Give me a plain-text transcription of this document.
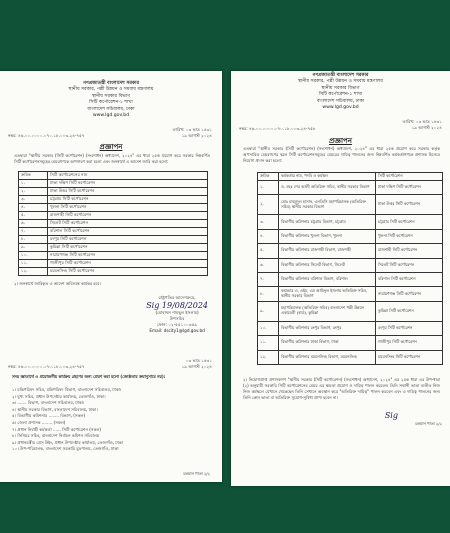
গণপ্রজাতন্ত্রী বাংলাদেশ সরকার
স্থানীয় সরকার, পল্লী উন্নয়ন ও সমবায় মন্ত্রণালয়
স্থানীয় সরকার বিভাগ
সিটি কর্পোরেশন-১ শাখা
বাংলাদেশ সচিবালয়, ঢাকা
www.lgd.gov.bd
নম্বর: ৪৬.০০.০০০০.০৭০.১৮.০০৩.২৪-৭৫৭
তারিখ: ০৩ ভাদ্র ১৪৩১
১৯ আগস্ট ২০২৪
প্রজ্ঞাপন
এতদ্বারা "স্থানীয় সরকার (সিটি কর্পোরেশন) (সংশোধন) অধ্যাদেশ, ২০২৪" এর ধারা ২৫ক প্রয়োগ করে সরকার নিম্নবর্ণিত সিটি কর্পোরেশনসমূহের মেয়রগণকে অপসারণ করা হলো এবং জনস্বার্থে এ আদেশ জারি করা হলো:
ক্রমিক	সিটি কর্পোরেশনের নাম
১.	ঢাকা দক্ষিণ সিটি কর্পোরেশন
২.	ঢাকা উত্তর সিটি কর্পোরেশন
৩.	চট্টগ্রাম সিটি কর্পোরেশন
৪.	খুলনা সিটি কর্পোরেশন
৫.	রাজশাহী সিটি কর্পোরেশন
৬.	সিলেট সিটি কর্পোরেশন
৭.	বরিশাল সিটি কর্পোরেশন
৮.	রংপুর সিটি কর্পোরেশন
৯.	কুমিল্লা সিটি কর্পোরেশন
১০.	নারায়ণগঞ্জ সিটি কর্পোরেশন
১১.	গাজীপুর সিটি কর্পোরেশন
১২.	ময়মনসিংহ সিটি কর্পোরেশন
২। জনস্বার্থে জারিকৃত এ আদেশ অবিলম্বে কার্যকর হবে।
রাষ্ট্রপতির আদেশক্রমে,
Sig 19/08/2024
(মোহাম্মদ শামছুল ইসলাম)
উপসচিব
ফোন: ০২-৫৫১০০৩৫৯
Email: dscity1@lgd.gov.bd
নম্বর: ৪৬.০০.০০০০.০৭০.১৮.০০৩.২৪-৭৫৭
০৩ ভাদ্র ১৪৩১
১৯ আগস্ট ২০২৪
সদয় জ্ঞাতার্থে ও প্রয়োজনীয় কার্যক্রম গ্রহণের জন্য প্রেরণ করা হলো (জ্যেষ্ঠতার ক্রমানুসারে নয়):
১। মন্ত্রিপরিষদ সচিব, মন্ত্রিপরিষদ বিভাগ, বাংলাদেশ সচিবালয়, ঢাকা।
২। মুখ্য সচিব, প্রধান উপদেষ্টার কার্যালয়, তেজগাঁও, ঢাকা।
৩। ....... বিভাগ, বাংলাদেশ সচিবালয়, ঢাকা।
৪। স্থানীয় সরকার বিভাগ, বাংলাদেশ সচিবালয়, ঢাকা।
৫। বিভাগীয় কমিশনার ........ বিভাগ, (সকল)
৬। জেলা প্রশাসক ........ (সকল)
৭। প্রধান নির্বাহী কর্মকর্তা ...... সিটি কর্পোরেশন (সকল)
৮। সিনিয়র সচিব, বাংলাদেশ নির্বাচন কমিশন সচিবালয়
৯। প্রধানমন্ত্রীর প্রেস উইং, প্রধান উপদেষ্টার কার্যালয়, তেজগাঁও, ঢাকা
১০। উপ-পরিচালক, বাংলাদেশ সরকারি মুদ্রণালয়, তেজগাঁও, ঢাকা
চলমান পাতা ২/২
গণপ্রজাতন্ত্রী বাংলাদেশ সরকার
স্থানীয় সরকার, পল্লী উন্নয়ন ও সমবায় মন্ত্রণালয়
স্থানীয় সরকার বিভাগ
সিটি কর্পোরেশন-১ শাখা
বাংলাদেশ সচিবালয়, ঢাকা
www.lgd.gov.bd
নম্বর: ৪৬.০০.০০০০.০৭০.১৮.০০৩.২৪-৭৫৮
তারিখ: ০৩ ভাদ্র ১৪৩১
১৯ আগস্ট ২০২৪
প্রজ্ঞাপন
এতদ্বারা "স্থানীয় সরকার (সিটি কর্পোরেশন) (সংশোধন) অধ্যাদেশ, ২০২৪" এর ধারা ২৫ক প্রয়োগ করে সরকার কর্তৃক অপসারিত মেয়রগণের স্থলে সিটি কর্পোরেশনসমূহের মেয়রের দায়িত্ব পালনের জন্য নিম্নবর্ণিত কর্মকর্তাগণকে প্রশাসক হিসেবে নিয়োগ প্রদান করা হলো:
ক্রমিক	কর্মকর্তার নাম, পদবি ও কর্মস্থল	সিটি কর্পোরেশন
১.	ড. মহঃ শের আলী অতিরিক্ত সচিব, স্থানীয় সরকার বিভাগ	ঢাকা দক্ষিণ সিটি কর্পোরেশন
২.	মোঃ মাহমুদুল হাসান, এনডিসি মহাপরিচালক (অতিরিক্ত সচিব) স্থানীয় সরকার বিভাগ	ঢাকা উত্তর সিটি কর্পোরেশন
৩.	বিভাগীয় কমিশনার চট্টগ্রাম বিভাগ, চট্টগ্রাম	চট্টগ্রাম সিটি কর্পোরেশন
৪.	বিভাগীয় কমিশনার খুলনা বিভাগ, খুলনা	খুলনা সিটি কর্পোরেশন
৫.	বিভাগীয় কমিশনার রাজশাহী বিভাগ, রাজশাহী	রাজশাহী সিটি কর্পোরেশন
৬.	বিভাগীয় কমিশনার সিলেট বিভাগ, সিলেট	সিলেট সিটি কর্পোরেশন
৭.	বিভাগীয় কমিশনার বরিশাল বিভাগ, বরিশাল	বরিশাল সিটি কর্পোরেশন
৮.	কমান্ডার এ, এইচ, এম আমিনুল ইসলাম অতিরিক্ত সচিব, স্থানীয় সরকার বিভাগ	নারায়ণগঞ্জ সিটি কর্পোরেশন
৯.	মহাপরিচালক (অতিরিক্ত সচিব) বাংলাদেশ পল্লী উন্নয়ন একাডেমী (বার্ড), কুমিল্লা	কুমিল্লা সিটি কর্পোরেশন
১০.	বিভাগীয় কমিশনার রংপুর বিভাগ, রংপুর	রংপুর সিটি কর্পোরেশন
১১.	বিভাগীয় কমিশনার ঢাকা বিভাগ, ঢাকা	গাজীপুর সিটি কর্পোরেশন
১২.	বিভাগীয় কমিশনার ময়মনসিংহ বিভাগ, ময়মনসিংহ	ময়মনসিংহ সিটি কর্পোরেশন
২। নিয়োগপ্রাপ্ত প্রশাসকগণ "স্থানীয় সরকার (সিটি কর্পোরেশন) (সংশোধন) অধ্যাদেশ, ২০২৪" এর ২৫ক ধারা এর উপ-ধারা (২) অনুযায়ী সরকারি সিটি কর্পোরেশনের মেয়র এর ক্ষমতা প্রয়োগ ও দায়িত্ব পালন করবেন। তিনি সম্মানী ভাতা ব্যতীত নিজ নিজ কর্মস্থলে যেখানে থেকেছেন তিনি সেখানে অবস্থান করে "অতিরিক্ত দায়িত্ব" পালন করবেন এবং এ দায়িত্ব পালনের জন্য তিনি কোন ভাতা বা অতিরিক্ত সুযোগ-সুবিধা প্রাপ্য হবেন না।
Sig
চলমান পাতা ২/২
